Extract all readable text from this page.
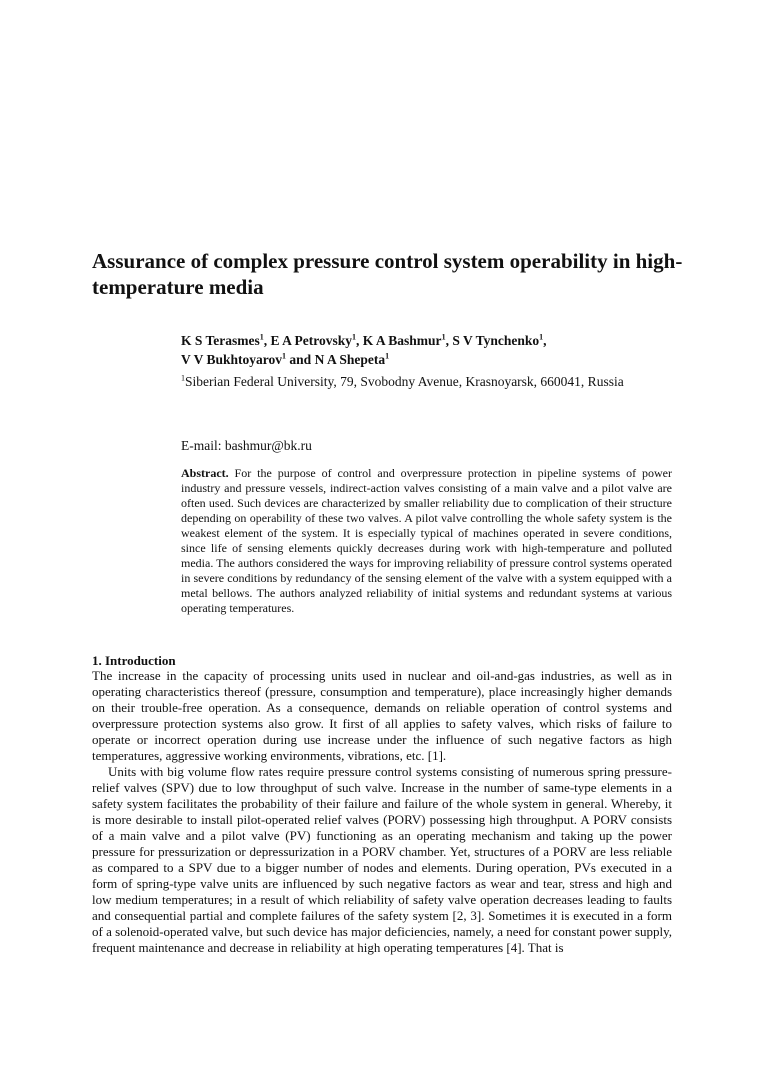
Assurance of complex pressure control system operability in high-temperature media
K S Terasmes$^1$, E A Petrovsky$^1$, K A Bashmur$^1$, S V Tynchenko$^1$,
V V Bukhtoyarov$^1$ and N A Shepeta$^1$

$^1$Siberian Federal University, 79, Svobodny Avenue, Krasnoyarsk, 660041, Russia

E-mail: bashmur@bk.ru

Abstract. For the purpose of control and overpressure protection in pipeline systems of power industry and pressure vessels, indirect-action valves consisting of a main valve and a pilot valve are often used. Such devices are characterized by smaller reliability due to complication of their structure depending on operability of these two valves. A pilot valve controlling the whole safety system is the weakest element of the system. It is especially typical of machines operated in severe conditions, since life of sensing elements quickly decreases during work with high-temperature and polluted media. The authors considered the ways for improving reliability of pressure control systems operated in severe conditions by redundancy of the sensing element of the valve with a system equipped with a metal bellows. The authors analyzed reliability of initial systems and redundant systems at various operating temperatures.

1. Introduction

The increase in the capacity of processing units used in nuclear and oil-and-gas industries, as well as in operating characteristics thereof (pressure, consumption and temperature), place increasingly higher demands on their trouble-free operation. As a consequence, demands on reliable operation of control systems and overpressure protection systems also grow. It first of all applies to safety valves, which risks of failure to operate or incorrect operation during use increase under the influence of such negative factors as high temperatures, aggressive working environments, vibrations, etc. [1].

Units with big volume flow rates require pressure control systems consisting of numerous spring pressure-relief valves (SPV) due to low throughput of such valve. Increase in the number of same-type elements in a safety system facilitates the probability of their failure and failure of the whole system in general. Whereby, it is more desirable to install pilot-operated relief valves (PORV) possessing high throughput. A PORV consists of a main valve and a pilot valve (PV) functioning as an operating mechanism and taking up the power pressure for pressurization or depressurization in a PORV chamber. Yet, structures of a PORV are less reliable as compared to a SPV due to a bigger number of nodes and elements. During operation, PVs executed in a form of spring-type valve units are influenced by such negative factors as wear and tear, stress and high and low medium temperatures; in a result of which reliability of safety valve operation decreases leading to faults and consequential partial and complete failures of the safety system [2, 3]. Sometimes it is executed in a form of a solenoid-operated valve, but such device has major deficiencies, namely, a need for constant power supply, frequent maintenance and decrease in reliability at high operating temperatures [4]. That is
